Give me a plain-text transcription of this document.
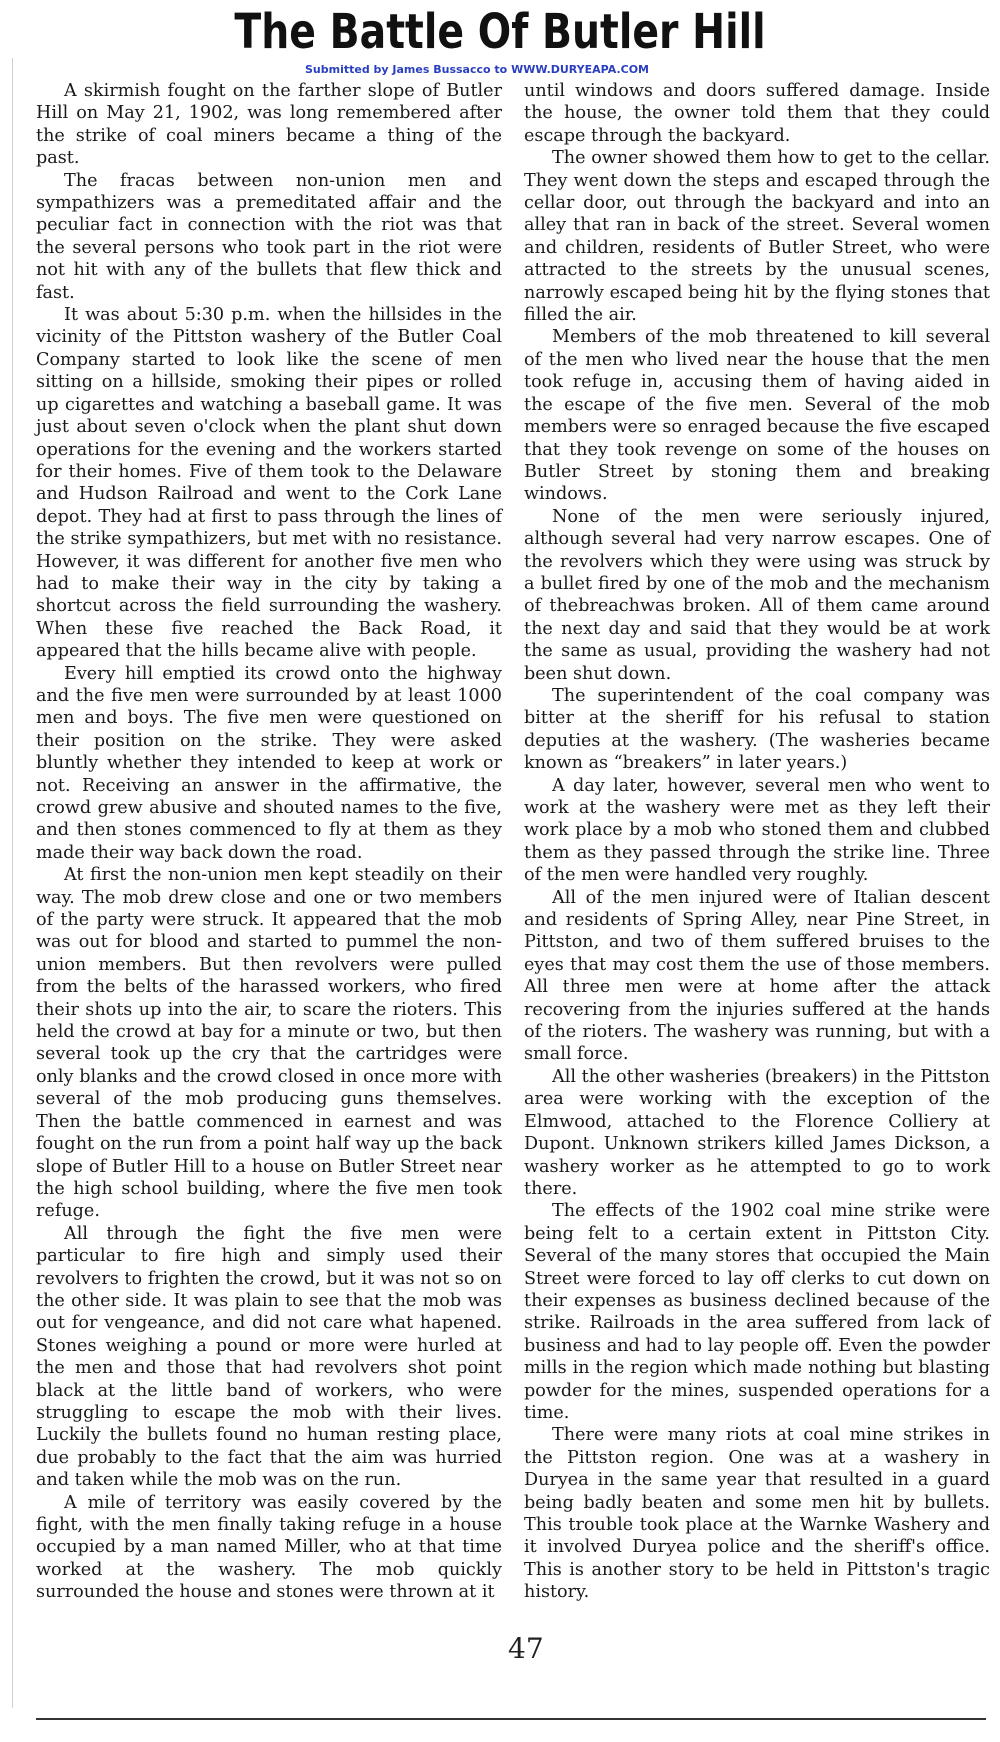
The Battle Of Butler Hill
Submitted by James Bussacco to WWW.DURYEAPA.COM

A skirmish fought on the farther slope of Butler Hill on May 21, 1902, was long remembered after the strike of coal miners became a thing of the past.

The fracas between non-union men and sympathizers was a premeditated affair and the peculiar fact in connection with the riot was that the several persons who took part in the riot were not hit with any of the bullets that flew thick and fast.

It was about 5:30 p.m. when the hillsides in the vicinity of the Pittston washery of the Butler Coal Company started to look like the scene of men sitting on a hillside, smoking their pipes or rolled up cigarettes and watching a baseball game. It was just about seven o'clock when the plant shut down operations for the evening and the workers started for their homes. Five of them took to the Delaware and Hudson Railroad and went to the Cork Lane depot. They had at first to pass through the lines of the strike sympathizers, but met with no resistance. However, it was different for another five men who had to make their way in the city by taking a shortcut across the field surrounding the washery. When these five reached the Back Road, it appeared that the hills became alive with people.

Every hill emptied its crowd onto the highway and the five men were surrounded by at least 1000 men and boys. The five men were questioned on their position on the strike. They were asked bluntly whether they intended to keep at work or not. Receiving an answer in the affirmative, the crowd grew abusive and shouted names to the five, and then stones commenced to fly at them as they made their way back down the road.

At first the non-union men kept steadily on their way. The mob drew close and one or two members of the party were struck. It appeared that the mob was out for blood and started to pummel the non-union members. But then revolvers were pulled from the belts of the harassed workers, who fired their shots up into the air, to scare the rioters. This held the crowd at bay for a minute or two, but then several took up the cry that the cartridges were only blanks and the crowd closed in once more with several of the mob producing guns themselves. Then the battle commenced in earnest and was fought on the run from a point half way up the back slope of Butler Hill to a house on Butler Street near the high school building, where the five men took refuge.

All through the fight the five men were particular to fire high and simply used their revolvers to frighten the crowd, but it was not so on the other side. It was plain to see that the mob was out for vengeance, and did not care what hapened. Stones weighing a pound or more were hurled at the men and those that had revolvers shot point black at the little band of workers, who were struggling to escape the mob with their lives. Luckily the bullets found no human resting place, due probably to the fact that the aim was hurried and taken while the mob was on the run.

A mile of territory was easily covered by the fight, with the men finally taking refuge in a house occupied by a man named Miller, who at that time worked at the washery. The mob quickly surrounded the house and stones were thrown at it

until windows and doors suffered damage. Inside the house, the owner told them that they could escape through the backyard.

The owner showed them how to get to the cellar. They went down the steps and escaped through the cellar door, out through the backyard and into an alley that ran in back of the street. Several women and children, residents of Butler Street, who were attracted to the streets by the unusual scenes, narrowly escaped being hit by the flying stones that filled the air.

Members of the mob threatened to kill several of the men who lived near the house that the men took refuge in, accusing them of having aided in the escape of the five men. Several of the mob members were so enraged because the five escaped that they took revenge on some of the houses on Butler Street by stoning them and breaking windows.

None of the men were seriously injured, although several had very narrow escapes. One of the revolvers which they were using was struck by a bullet fired by one of the mob and the mechanism of thebreachwas broken. All of them came around the next day and said that they would be at work the same as usual, providing the washery had not been shut down.

The superintendent of the coal company was bitter at the sheriff for his refusal to station deputies at the washery. (The washeries became known as “breakers” in later years.)

A day later, however, several men who went to work at the washery were met as they left their work place by a mob who stoned them and clubbed them as they passed through the strike line. Three of the men were handled very roughly.

All of the men injured were of Italian descent and residents of Spring Alley, near Pine Street, in Pittston, and two of them suffered bruises to the eyes that may cost them the use of those members. All three men were at home after the attack recovering from the injuries suffered at the hands of the rioters. The washery was running, but with a small force.

All the other washeries (breakers) in the Pittston area were working with the exception of the Elmwood, attached to the Florence Colliery at Dupont. Unknown strikers killed James Dickson, a washery worker as he attempted to go to work there.

The effects of the 1902 coal mine strike were being felt to a certain extent in Pittston City. Several of the many stores that occupied the Main Street were forced to lay off clerks to cut down on their expenses as business declined because of the strike. Railroads in the area suffered from lack of business and had to lay people off. Even the powder mills in the region which made nothing but blasting powder for the mines, suspended operations for a time.

There were many riots at coal mine strikes in the Pittston region. One was at a washery in Duryea in the same year that resulted in a guard being badly beaten and some men hit by bullets. This trouble took place at the Warnke Washery and it involved Duryea police and the sheriff's office. This is another story to be held in Pittston's tragic history.

47
